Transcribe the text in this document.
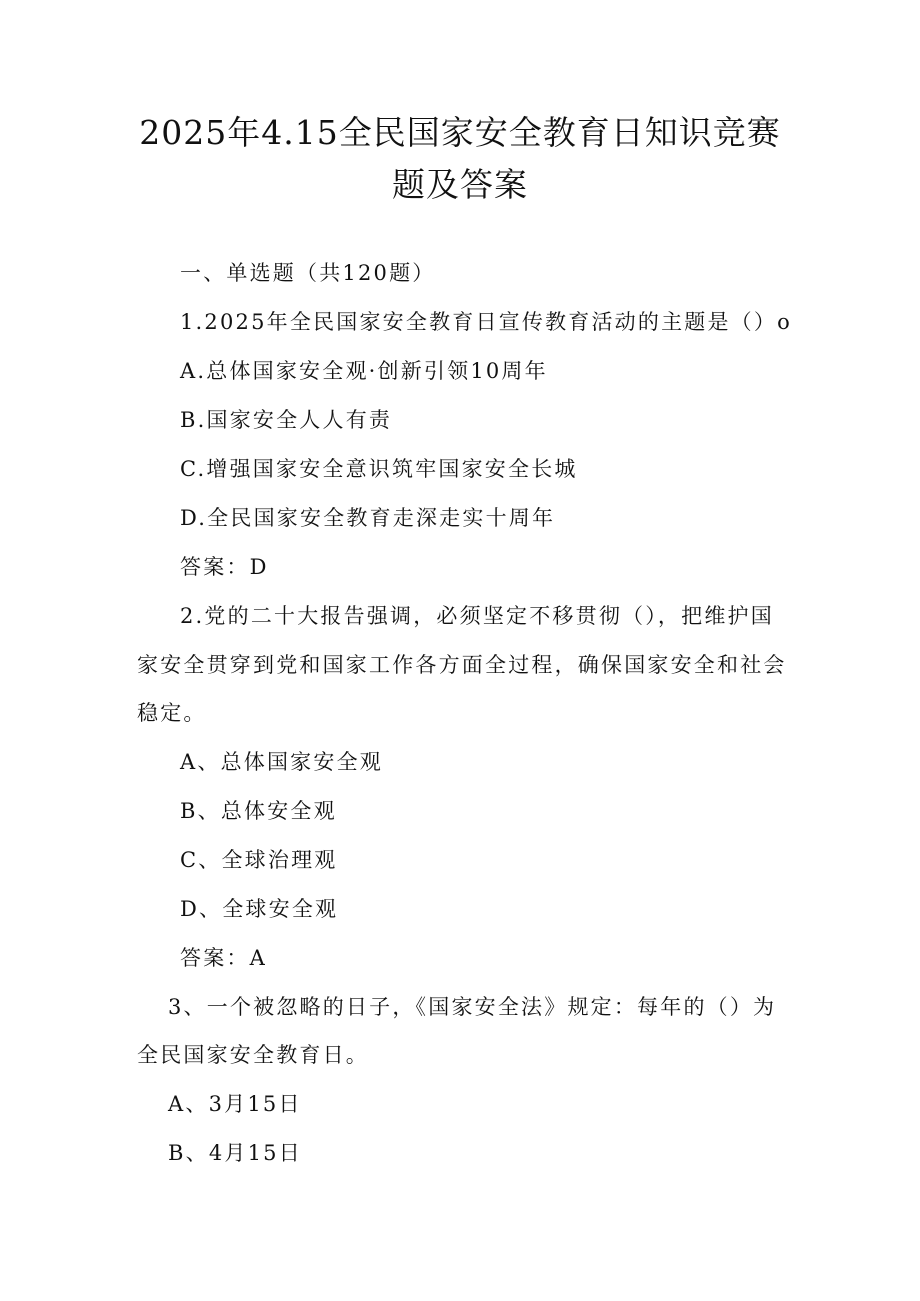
2025年4.15全民国家安全教育日知识竞赛
题及答案
一、单选题（共120题）
1.2025年全民国家安全教育日宣传教育活动的主题是（）o
A.总体国家安全观·创新引领10周年
B.国家安全人人有责
C.增强国家安全意识筑牢国家安全长城
D.全民国家安全教育走深走实十周年
答案：D
2.党的二十大报告强调，必须坚定不移贯彻（），把维护国
家安全贯穿到党和国家工作各方面全过程，确保国家安全和社会
稳定。
A、总体国家安全观
B、总体安全观
C、全球治理观
D、全球安全观
答案：A
3、一个被忽略的日子，《国家安全法》规定：每年的（）为
全民国家安全教育日。
A、3月15日
B、4月15日
